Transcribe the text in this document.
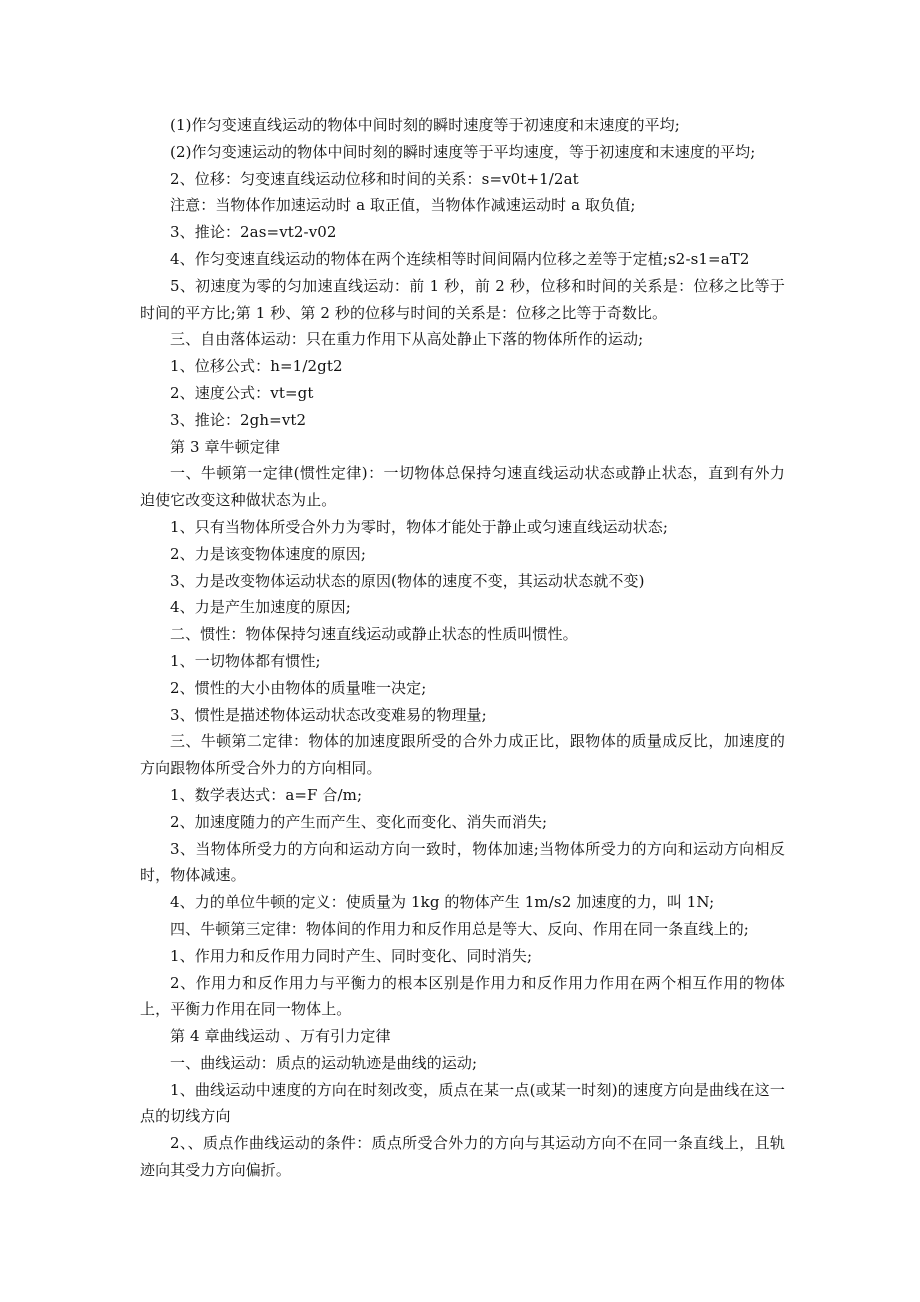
(1)作匀变速直线运动的物体中间时刻的瞬时速度等于初速度和末速度的平均;

(2)作匀变速运动的物体中间时刻的瞬时速度等于平均速度，等于初速度和末速度的平均;

2、位移：匀变速直线运动位移和时间的关系：s=v0t+1/2at

注意：当物体作加速运动时 a 取正值，当物体作减速运动时 a 取负值;

3、推论：2as=vt2-v02

4、作匀变速直线运动的物体在两个连续相等时间间隔内位移之差等于定植;s2-s1=aT2

5、初速度为零的匀加速直线运动：前 1 秒，前 2 秒，位移和时间的关系是：位移之比等于时间的平方比;第 1 秒、第 2 秒的位移与时间的关系是：位移之比等于奇数比。

三、自由落体运动：只在重力作用下从高处静止下落的物体所作的运动;

1、位移公式：h=1/2gt2

2、速度公式：vt=gt

3、推论：2gh=vt2

第 3 章牛顿定律

一、牛顿第一定律(惯性定律)：一切物体总保持匀速直线运动状态或静止状态，直到有外力迫使它改变这种做状态为止。

1、只有当物体所受合外力为零时，物体才能处于静止或匀速直线运动状态;

2、力是该变物体速度的原因;

3、力是改变物体运动状态的原因(物体的速度不变，其运动状态就不变)

4、力是产生加速度的原因;

二、惯性：物体保持匀速直线运动或静止状态的性质叫惯性。

1、一切物体都有惯性;

2、惯性的大小由物体的质量唯一决定;

3、惯性是描述物体运动状态改变难易的物理量;

三、牛顿第二定律：物体的加速度跟所受的合外力成正比，跟物体的质量成反比，加速度的方向跟物体所受合外力的方向相同。

1、数学表达式：a=F 合/m;

2、加速度随力的产生而产生、变化而变化、消失而消失;

3、当物体所受力的方向和运动方向一致时，物体加速;当物体所受力的方向和运动方向相反时，物体减速。

4、力的单位牛顿的定义：使质量为 1kg 的物体产生 1m/s2 加速度的力，叫 1N;

四、牛顿第三定律：物体间的作用力和反作用总是等大、反向、作用在同一条直线上的;

1、作用力和反作用力同时产生、同时变化、同时消失;

2、作用力和反作用力与平衡力的根本区别是作用力和反作用力作用在两个相互作用的物体上，平衡力作用在同一物体上。

第 4 章曲线运动 、万有引力定律

一、曲线运动：质点的运动轨迹是曲线的运动;

1、曲线运动中速度的方向在时刻改变，质点在某一点(或某一时刻)的速度方向是曲线在这一点的切线方向

2、、质点作曲线运动的条件：质点所受合外力的方向与其运动方向不在同一条直线上，且轨迹向其受力方向偏折。
